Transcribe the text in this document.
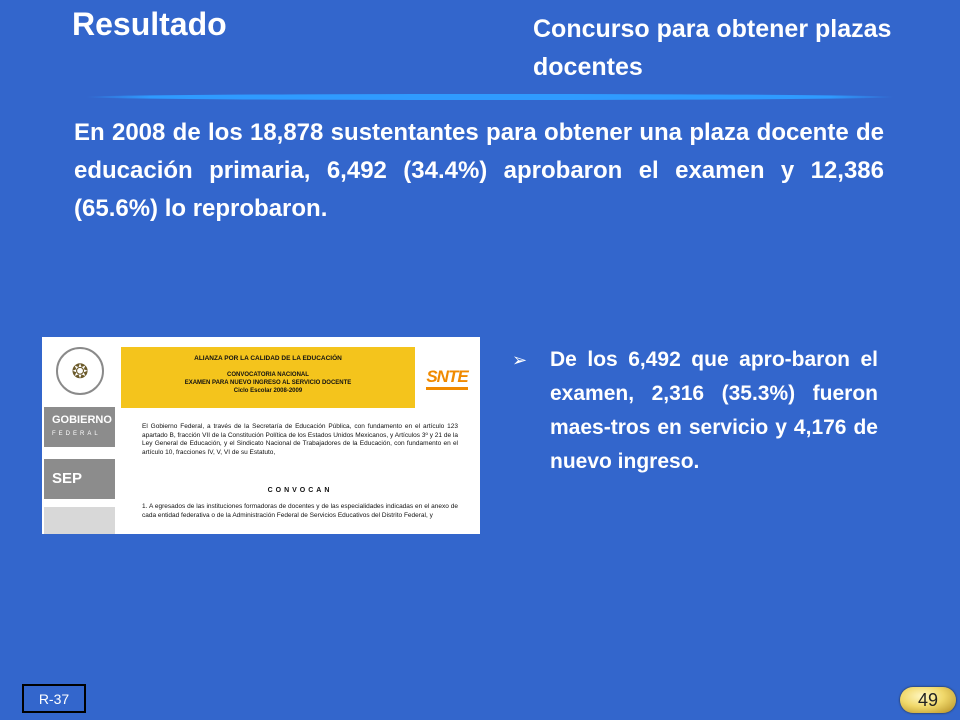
Resultado	Concurso para obtener plazas docentes
En 2008 de los 18,878 sustentantes para obtener una plaza docente de educación primaria, 6,492 (34.4%) aprobaron el examen y 12,386 (65.6%) lo reprobaron.
❂
GOBIERNO
FEDERAL
SEP
ALIANZA POR LA CALIDAD DE LA EDUCACIÓN
CONVOCATORIA NACIONAL
EXAMEN PARA NUEVO INGRESO AL SERVICIO DOCENTE
Ciclo Escolar 2008-2009
SNTE
El Gobierno Federal, a través de la Secretaría de Educación Pública, con fundamento en el artículo 123 apartado B, fracción VII de la Constitución Política de los Estados Unidos Mexicanos, y Artículos 3º y 21 de la Ley General de Educación, y el Sindicato Nacional de Trabajadores de la Educación, con fundamento en el artículo 10, fracciones IV, V, VI de su Estatuto,
CONVOCAN
1. A egresados de las instituciones formadoras de docentes y de las especialidades indicadas en el anexo de cada entidad federativa o de la Administración Federal de Servicios Educativos del Distrito Federal, y
➢ De los 6,492 que apro-baron el examen, 2,316 (35.3%) fueron maes-tros en servicio y 4,176 de nuevo ingreso.
R-37	49
